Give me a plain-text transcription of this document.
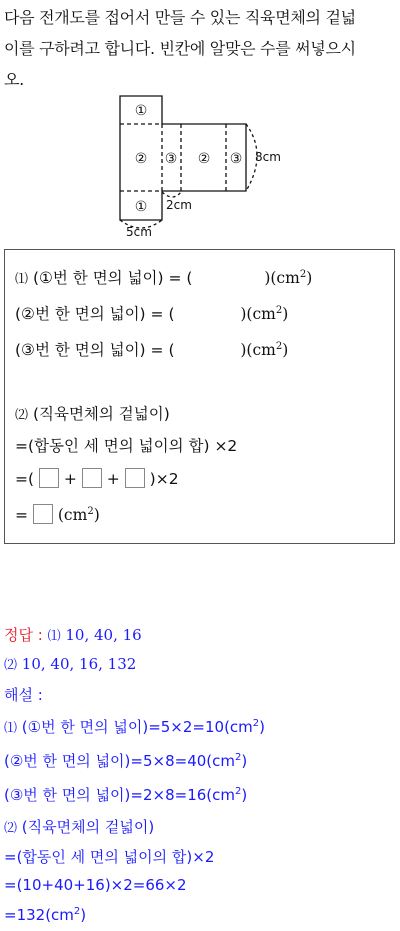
다음 전개도를 접어서 만들 수 있는 직육면체의 겉넓

이를 구하려고 합니다. 빈칸에 알맞은 수를 써넣으시

오.

①
② ③ ② ③
①
8cm
2cm
5cm
⑴ (①번 한 면의 넓이) = (	)$(cm^2)$
(②번 한 면의 넓이) = (	)$(cm^2)$
(③번 한 면의 넓이) = (	)$(cm^2)$
⑵ (직육면체의 겉넓이)
=(합동인 세 면의 넓이의 합) ×2
=( + + )×2
= $(cm^2)$
정답 : ⑴ 10, 40, 16
⑵ 10, 40, 16, 132
해설 :
⑴ (①번 한 면의 넓이)$=5\times 2=10(cm^2)$
(②번 한 면의 넓이)$=5\times 8=40(cm^2)$
(③번 한 면의 넓이)$=2\times 8=16(cm^2)$
⑵ (직육면체의 겉넓이)
=(합동인 세 면의 넓이의 합)×2
=(10+40+16)×2=66×2
$=132(cm^2)$
